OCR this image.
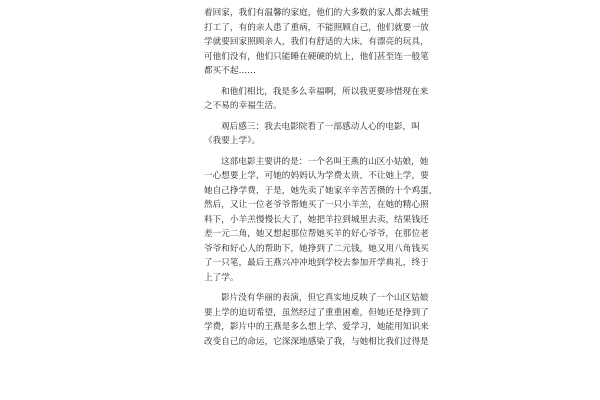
着回家，我们有温馨的家庭，他们的大多数的家人都去城里
打工了，有的亲人患了重病，不能照顾自己，他们就要一放
学就要回家照顾亲人，我们有舒适的大床，有漂亮的玩具，
可他们没有，他们只能睡在硬硬的炕上，他们甚至连一般笔
都买不起……
和他们相比，我是多么幸福啊，所以我更要珍惜现在来
之不易的幸福生活。
观后感三：我去电影院看了一部感动人心的电影，叫
《我要上学》。
这部电影主要讲的是：一个名叫王燕的山区小姑娘，她
一心想要上学，可她的妈妈认为学费太贵，不让她上学，要
她自己挣学费，于是，她先卖了她家辛辛苦苦攒的十个鸡蛋，
然后，又让一位老爷爷帮她买了一只小羊羔，在她的精心照
料下，小羊羔慢慢长大了，她把羊拉到城里去卖，结果钱还
差一元二角，她又想起那位帮她买羊的好心爷爷，在那位老
爷爷和好心人的帮助下，她挣到了二元钱，她又用八角钱买
了一只笔，最后王燕兴冲冲地到学校去参加开学典礼，终于
上了学。
影片没有华丽的表演，但它真实地反映了一个山区姑娘
要上学的迫切希望，虽然经过了重重困难，但她还是挣到了
学费，影片中的王燕是多么想上学、爱学习，她能用知识来
改变自己的命运，它深深地感染了我，与她相比我们过得是
